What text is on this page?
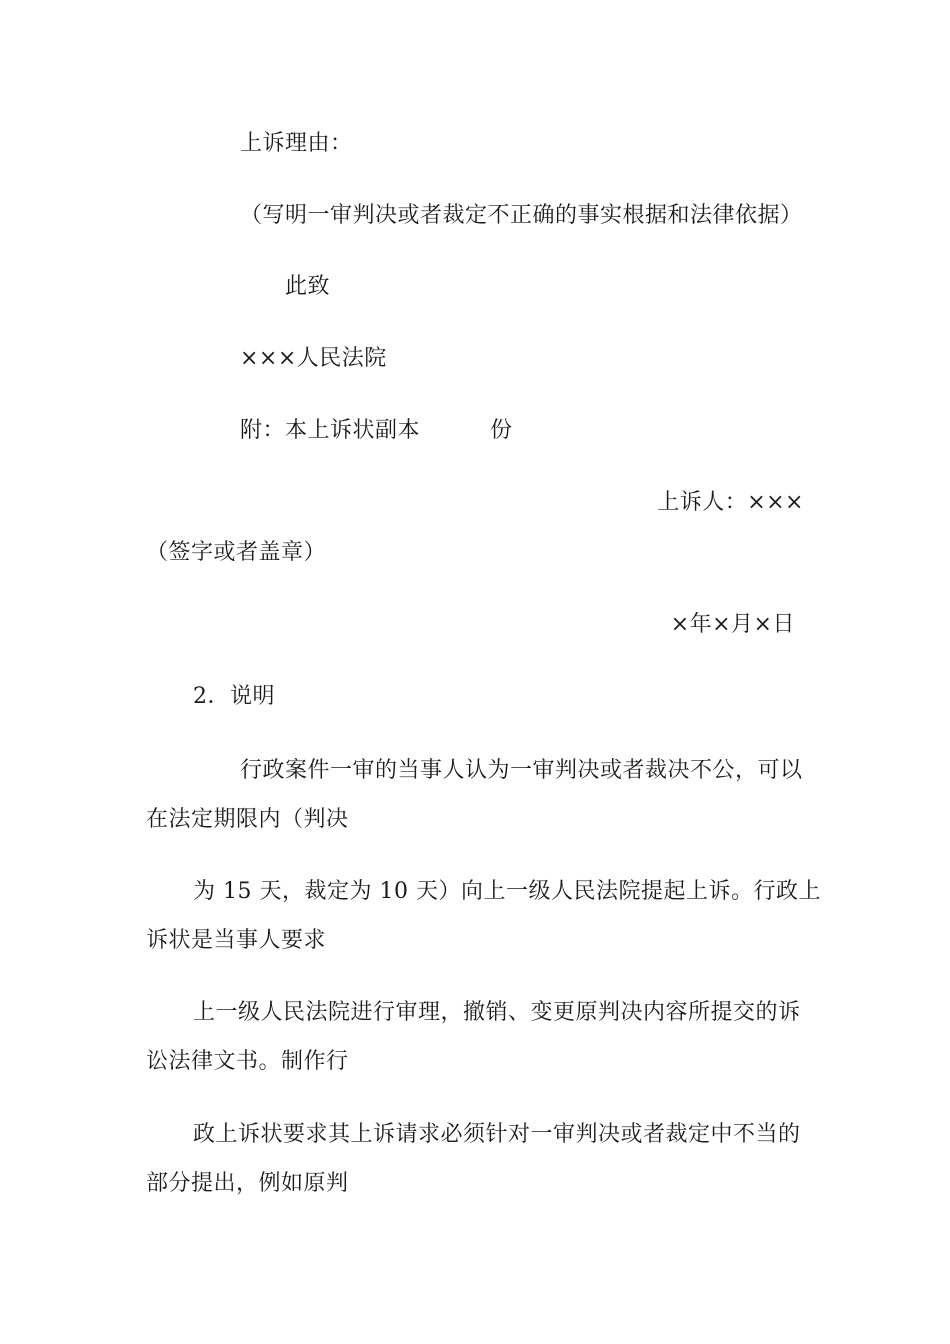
上诉理由：
（写明一审判决或者裁定不正确的事实根据和法律依据）
此致
×××人民法院
附：本上诉状副本	份
上诉人：×××
（签字或者盖章）
×年×月×日
2．说明
行政案件一审的当事人认为一审判决或者裁决不公，可以
在法定期限内（判决
为 15 天，裁定为 10 天）向上一级人民法院提起上诉。行政上
诉状是当事人要求
上一级人民法院进行审理，撤销、变更原判决内容所提交的诉
讼法律文书。制作行
政上诉状要求其上诉请求必须针对一审判决或者裁定中不当的
部分提出，例如原判
